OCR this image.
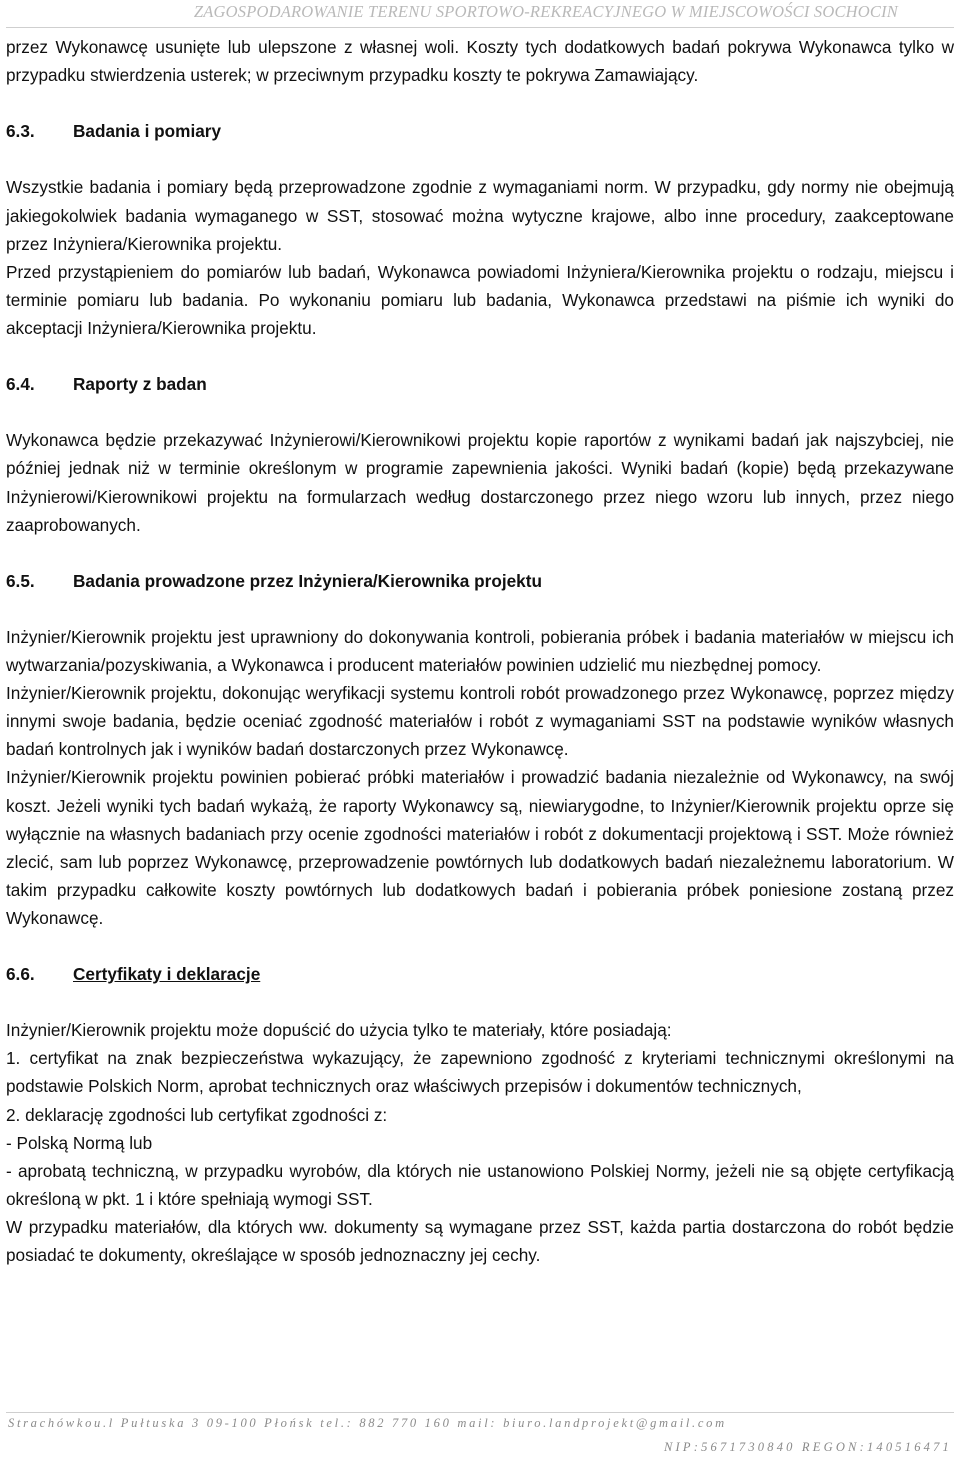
ZAGOSPODAROWANIE TERENU SPORTOWO-REKREACYJNEGO W MIEJSCOWOŚCI SOCHOCIN

przez Wykonawcę usunięte lub ulepszone z własnej woli. Koszty tych dodatkowych badań pokrywa Wykonawca tylko w przypadku stwierdzenia usterek; w przeciwnym przypadku koszty te pokrywa Zamawiający.

6.3. Badania i pomiary

Wszystkie badania i pomiary będą przeprowadzone zgodnie z wymaganiami norm. W przypadku, gdy normy nie obejmują jakiegokolwiek badania wymaganego w SST, stosować można wytyczne krajowe, albo inne procedury, zaakceptowane przez Inżyniera/Kierownika projektu.

Przed przystąpieniem do pomiarów lub badań, Wykonawca powiadomi Inżyniera/Kierownika projektu o rodzaju, miejscu i terminie pomiaru lub badania. Po wykonaniu pomiaru lub badania, Wykonawca przedstawi na piśmie ich wyniki do akceptacji Inżyniera/Kierownika projektu.

6.4. Raporty z badan

Wykonawca będzie przekazywać Inżynierowi/Kierownikowi projektu kopie raportów z wynikami badań jak najszybciej, nie później jednak niż w terminie określonym w programie zapewnienia jakości. Wyniki badań (kopie) będą przekazywane Inżynierowi/Kierownikowi projektu na formularzach według dostarczonego przez niego wzoru lub innych, przez niego zaaprobowanych.

6.5. Badania prowadzone przez Inżyniera/Kierownika projektu

Inżynier/Kierownik projektu jest uprawniony do dokonywania kontroli, pobierania próbek i badania materiałów w miejscu ich wytwarzania/pozyskiwania, a Wykonawca i producent materiałów powinien udzielić mu niezbędnej pomocy.

Inżynier/Kierownik projektu, dokonując weryfikacji systemu kontroli robót prowadzonego przez Wykonawcę, poprzez między innymi swoje badania, będzie oceniać zgodność materiałów i robót z wymaganiami SST na podstawie wyników własnych badań kontrolnych jak i wyników badań dostarczonych przez Wykonawcę.

Inżynier/Kierownik projektu powinien pobierać próbki materiałów i prowadzić badania niezależnie od Wykonawcy, na swój koszt. Jeżeli wyniki tych badań wykażą, że raporty Wykonawcy są, niewiarygodne, to Inżynier/Kierownik projektu oprze się wyłącznie na własnych badaniach przy ocenie zgodności materiałów i robót z dokumentacji projektową i SST. Może również zlecić, sam lub poprzez Wykonawcę, przeprowadzenie powtórnych lub dodatkowych badań niezależnemu laboratorium. W takim przypadku całkowite koszty powtórnych lub dodatkowych badań i pobierania próbek poniesione zostaną przez Wykonawcę.

6.6. Certyfikaty i deklaracje

Inżynier/Kierownik projektu może dopuścić do użycia tylko te materiały, które posiadają:

1. certyfikat na znak bezpieczeństwa wykazujący, że zapewniono zgodność z kryteriami technicznymi określonymi na podstawie Polskich Norm, aprobat technicznych oraz właściwych przepisów i dokumentów technicznych,

2. deklarację zgodności lub certyfikat zgodności z:

- Polską Normą lub

- aprobatą techniczną, w przypadku wyrobów, dla których nie ustanowiono Polskiej Normy, jeżeli nie są objęte certyfikacją określoną w pkt. 1 i które spełniają wymogi SST.

W przypadku materiałów, dla których ww. dokumenty są wymagane przez SST, każda partia dostarczona do robót będzie posiadać te dokumenty, określające w sposób jednoznaczny jej cechy.

Strachówkou.l Pułtuska 3 09-100 Płońsk tel.: 882 770 160 mail: biuro.landprojekt@gmail.com
NIP:5671730840 REGON:140516471
